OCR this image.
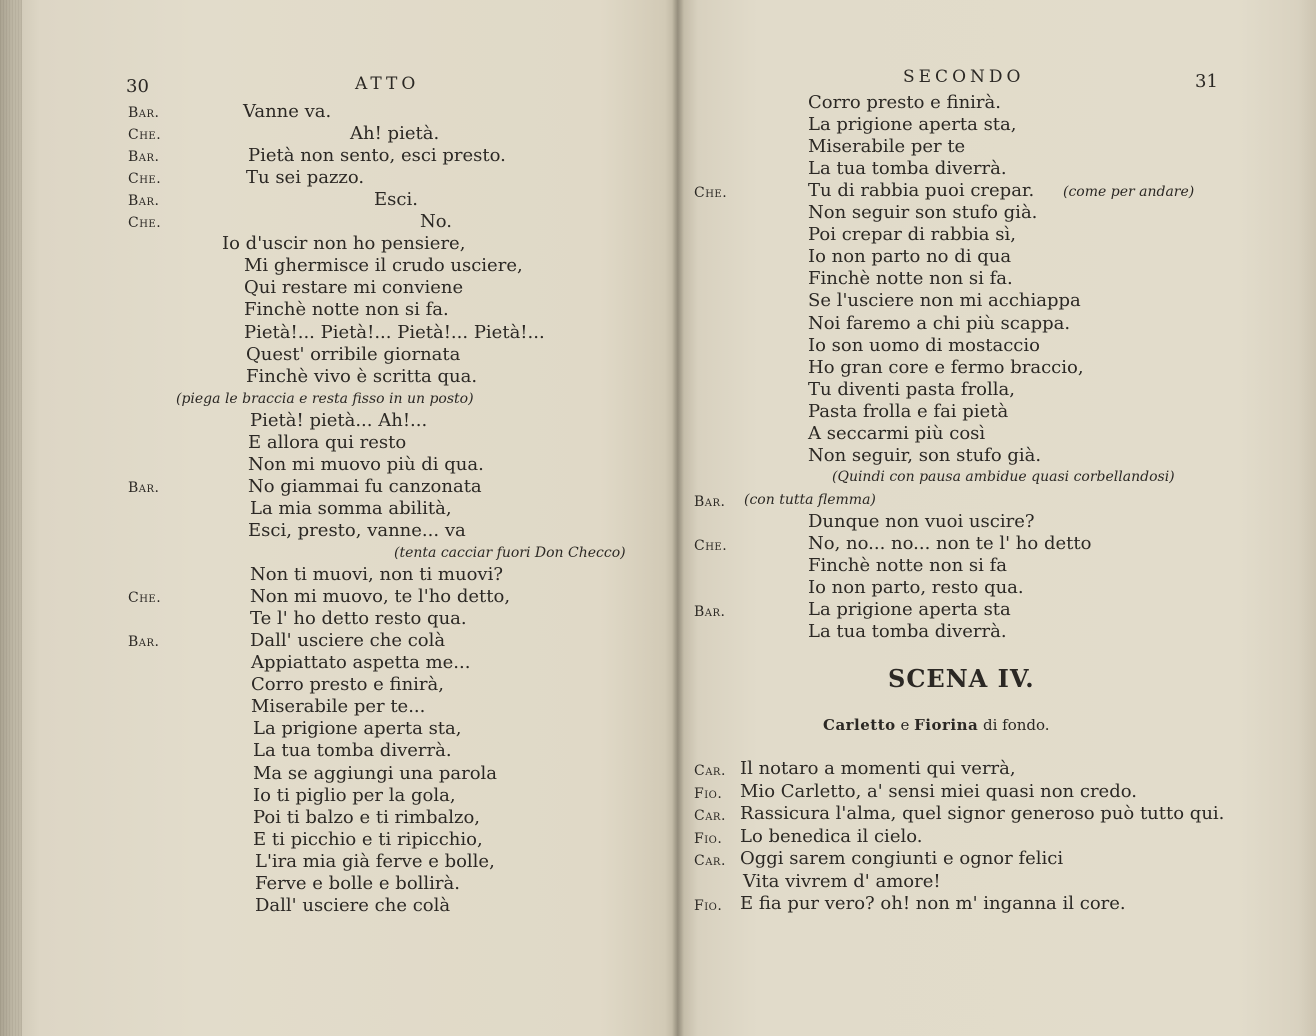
30	ATTO	SECONDO	31
Bar.	Vanne va.
Che.	Ah! pietà.
Bar.	Pietà non sento, esci presto.
Che.	Tu sei pazzo.
Bar.	Esci.
Che.	No.
Io d'uscir non ho pensiere,
Mi ghermisce il crudo usciere,
Qui restare mi conviene
Finchè notte non si fa.
Pietà!... Pietà!... Pietà!... Pietà!...
Quest' orribile giornata
Finchè vivo è scritta qua.
(piega le braccia e resta fisso in un posto)
Pietà! pietà... Ah!...
E allora qui resto
Non mi muovo più di qua.
Bar.	No giammai fu canzonata
La mia somma abilità,
Esci, presto, vanne... va
(tenta cacciar fuori Don Checco)
Non ti muovi, non ti muovi?
Che.	Non mi muovo, te l'ho detto,
Te l' ho detto resto qua.
Bar.	Dall' usciere che colà
Appiattato aspetta me...
Corro presto e finirà,
Miserabile per te...
La prigione aperta sta,
La tua tomba diverrà.
Ma se aggiungi una parola
Io ti piglio per la gola,
Poi ti balzo e ti rimbalzo,
E ti picchio e ti ripicchio,
L'ira mia già ferve e bolle,
Ferve e bolle e bollirà.
Dall' usciere che colà
Corro presto e finirà.
La prigione aperta sta,
Miserabile per te
La tua tomba diverrà.
Che.	Tu di rabbia puoi crepar. (come per andare)
Non seguir son stufo già.
Poi crepar di rabbia sì,
Io non parto no di qua
Finchè notte non si fa.
Se l'usciere non mi acchiappa
Noi faremo a chi più scappa.
Io son uomo di mostaccio
Ho gran core e fermo braccio,
Tu diventi pasta frolla,
Pasta frolla e fai pietà
A seccarmi più così
Non seguir, son stufo già.
(Quindi con pausa ambidue quasi corbellandosi)
Bar. (con tutta flemma)
Dunque non vuoi uscire?
Che.	No, no... no... non te l' ho detto
Finchè notte non si fa
Io non parto, resto qua.
Bar.	La prigione aperta sta
La tua tomba diverrà.
SCENA IV.
Carletto e Fiorina di fondo.
Car. Il notaro a momenti qui verrà,
Fio. Mio Carletto, a' sensi miei quasi non credo.
Car. Rassicura l'alma, quel signor generoso può tutto qui.
Fio. Lo benedica il cielo.
Car. Oggi sarem congiunti e ognor felici
Vita vivrem d' amore!
Fio. E fia pur vero? oh! non m' inganna il core.
